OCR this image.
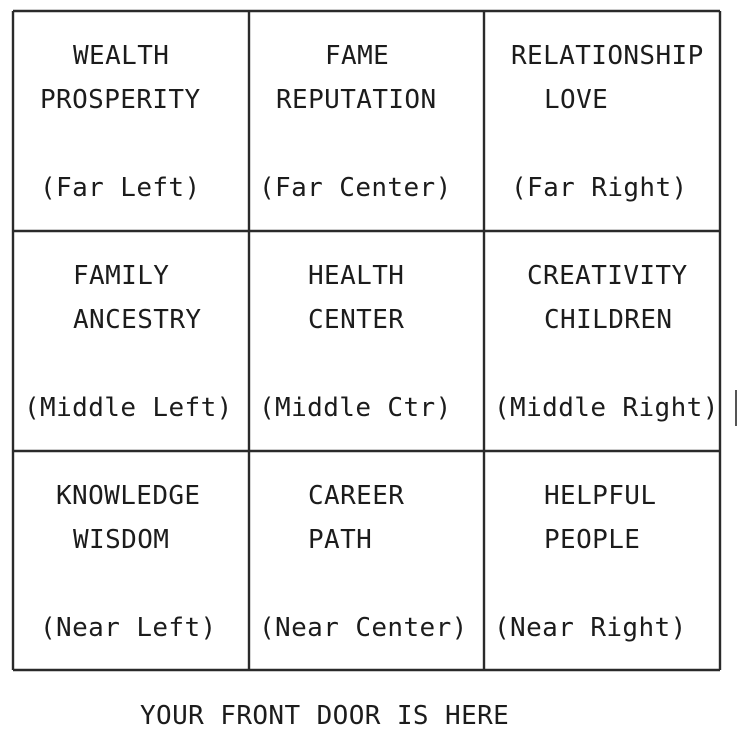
WEALTH
PROSPERITY
(Far Left)
FAME
REPUTATION
(Far Center)
RELATIONSHIP
LOVE
(Far Right)
FAMILY
ANCESTRY
(Middle Left)
HEALTH
CENTER
(Middle Ctr)
CREATIVITY
CHILDREN
(Middle Right)
KNOWLEDGE
WISDOM
(Near Left)
CAREER
PATH
(Near Center)
HELPFUL
PEOPLE
(Near Right)
YOUR FRONT DOOR IS HERE
